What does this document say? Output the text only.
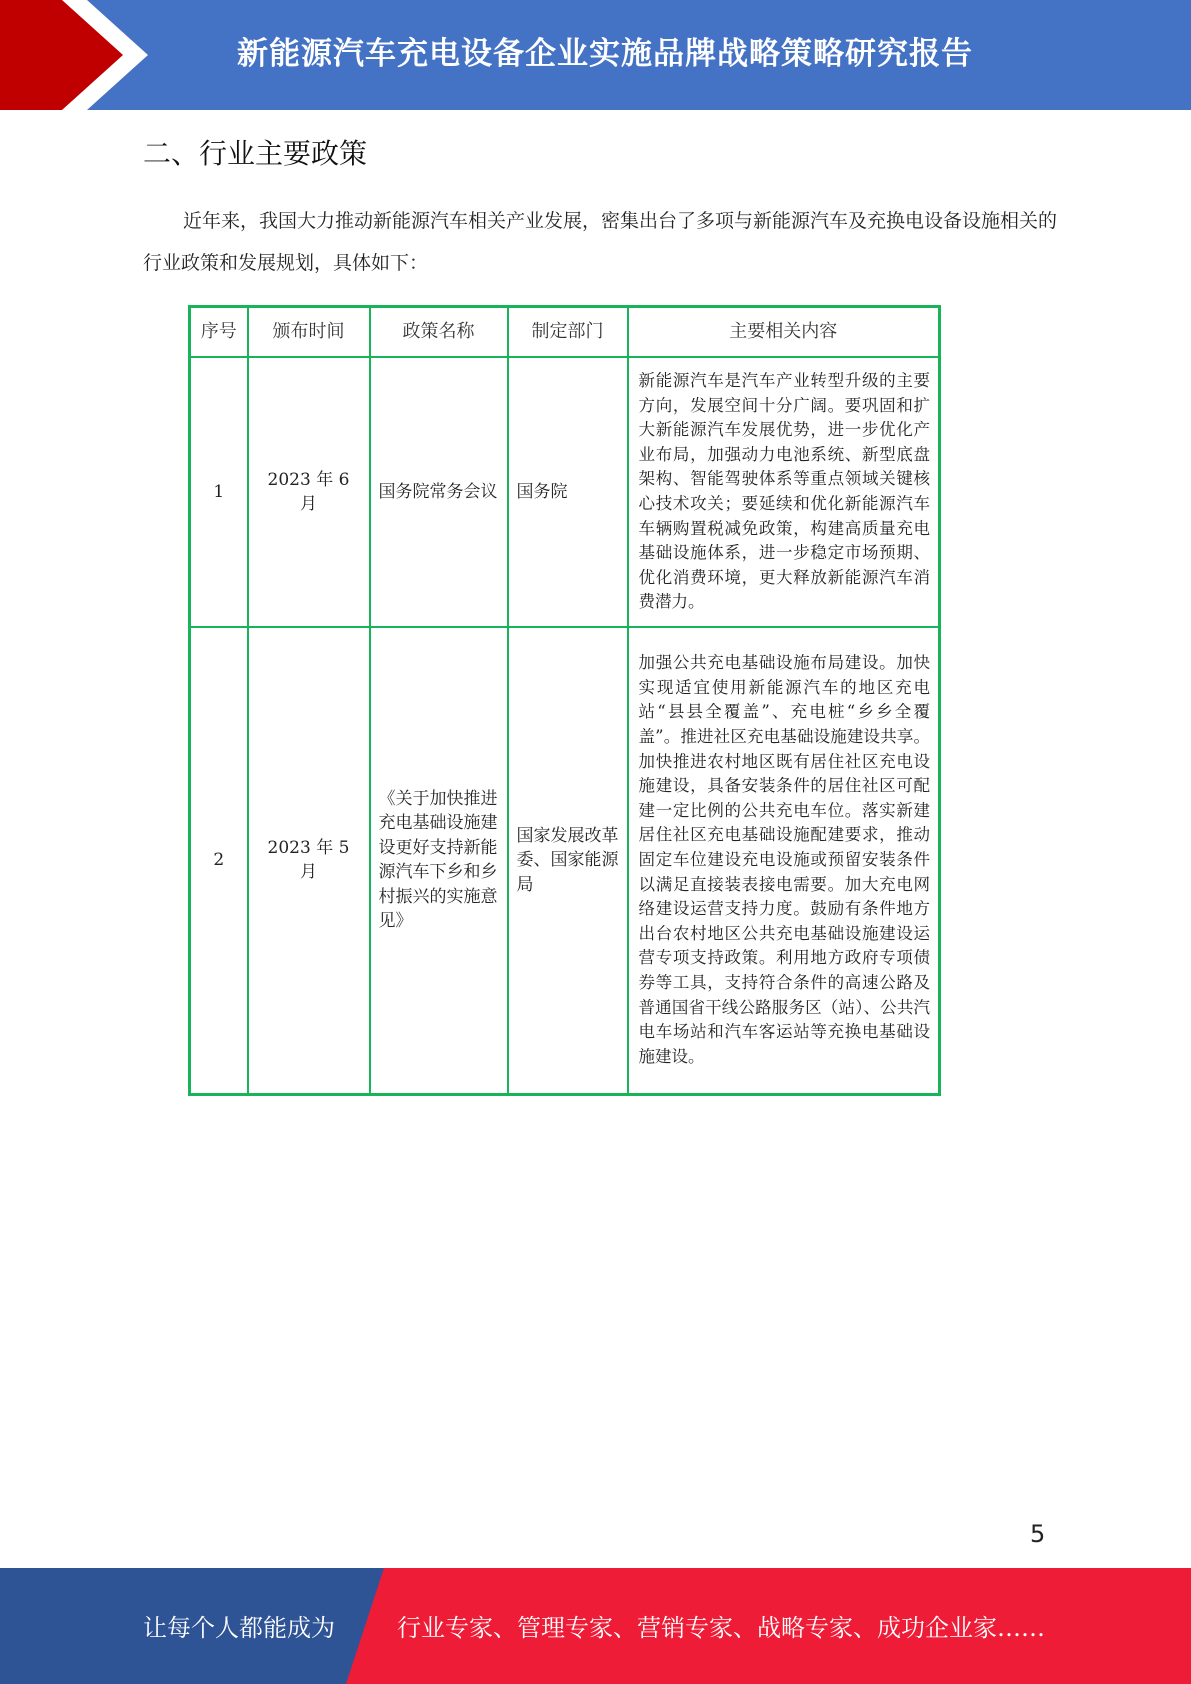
新能源汽车充电设备企业实施品牌战略策略研究报告
二、行业主要政策
近年来，我国大力推动新能源汽车相关产业发展，密集出台了多项与新能源汽车及充换电设备设施相关的行业政策和发展规划，具体如下：
序号	颁布时间	政策名称	制定部门	主要相关内容
1	2023 年 6 月	国务院常务会议	国务院	新能源汽车是汽车产业转型升级的主要方向，发展空间十分广阔。要巩固和扩大新能源汽车发展优势，进一步优化产业布局，加强动力电池系统、新型底盘架构、智能驾驶体系等重点领域关键核心技术攻关；要延续和优化新能源汽车车辆购置税减免政策，构建高质量充电基础设施体系，进一步稳定市场预期、优化消费环境，更大释放新能源汽车消费潜力。
2	2023 年 5 月	《关于加快推进充电基础设施建设更好支持新能源汽车下乡和乡村振兴的实施意见》	国家发展改革委、国家能源局	加强公共充电基础设施布局建设。加快实现适宜使用新能源汽车的地区充电站“县县全覆盖”、充电桩“乡乡全覆盖”。推进社区充电基础设施建设共享。加快推进农村地区既有居住社区充电设施建设，具备安装条件的居住社区可配建一定比例的公共充电车位。落实新建居住社区充电基础设施配建要求，推动固定车位建设充电设施或预留安装条件以满足直接装表接电需要。加大充电网络建设运营支持力度。鼓励有条件地方出台农村地区公共充电基础设施建设运营专项支持政策。利用地方政府专项债券等工具，支持符合条件的高速公路及普通国省干线公路服务区（站）、公共汽电车场站和汽车客运站等充换电基础设施建设。
5
让每个人都能成为	行业专家、管理专家、营销专家、战略专家、成功企业家……
